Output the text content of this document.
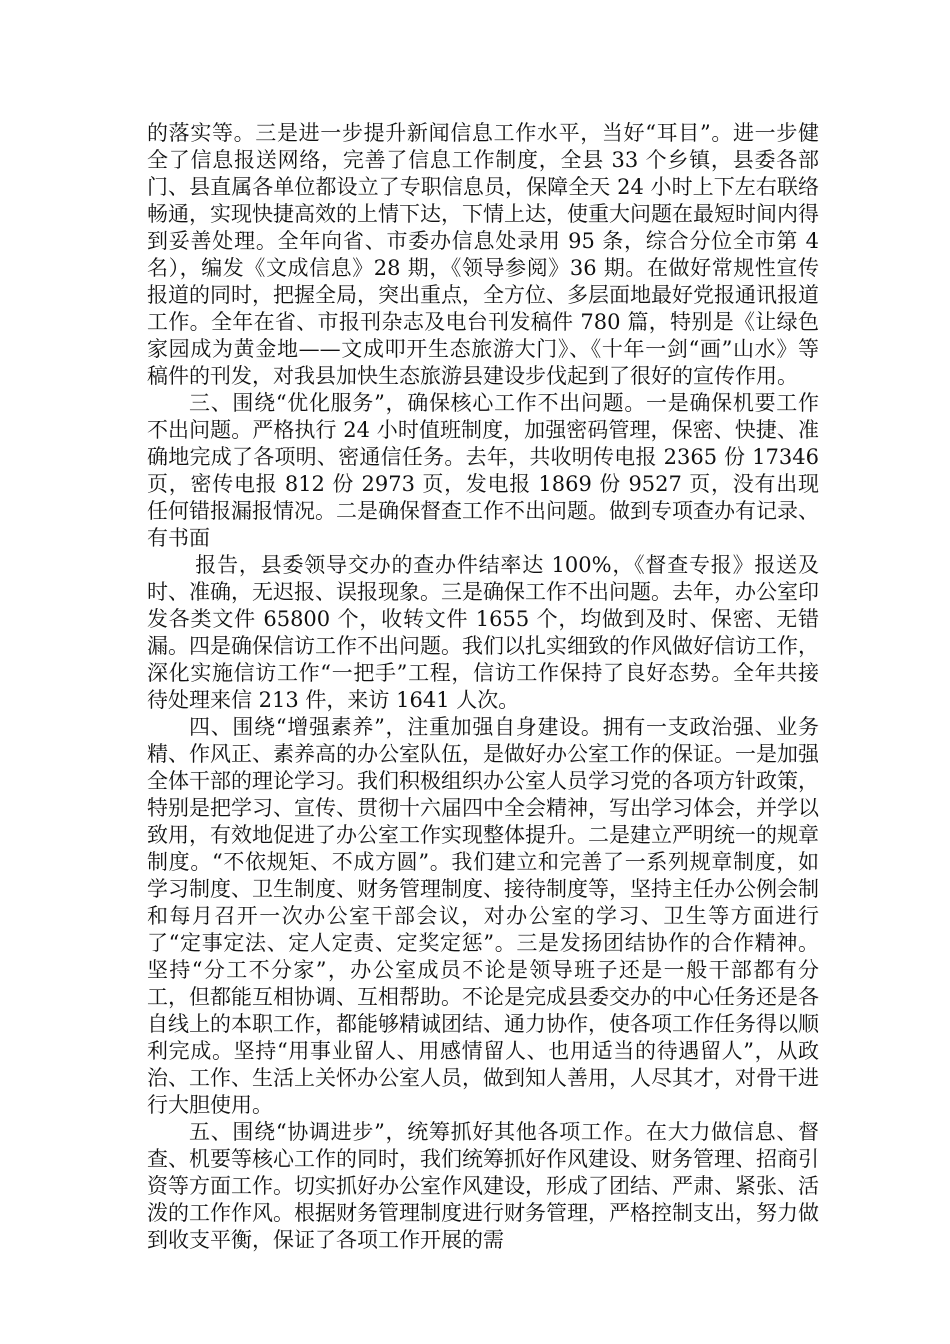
的落实等。三是进一步提升新闻信息工作水平，当好“耳目”。进一步健全了信息报送网络，完善了信息工作制度，全县 33 个乡镇，县委各部门、县直属各单位都设立了专职信息员，保障全天 24 小时上下左右联络畅通，实现快捷高效的上情下达，下情上达，使重大问题在最短时间内得到妥善处理。全年向省、市委办信息处录用 95 条，综合分位全市第 4 名），编发《文成信息》28 期，《领导参阅》36 期。在做好常规性宣传报道的同时，把握全局，突出重点，全方位、多层面地最好党报通讯报道工作。全年在省、市报刊杂志及电台刊发稿件 780 篇，特别是《让绿色家园成为黄金地——文成叩开生态旅游大门》、《十年一剑“画”山水》等稿件的刊发，对我县加快生态旅游县建设步伐起到了很好的宣传作用。

三、围绕“优化服务”，确保核心工作不出问题。一是确保机要工作不出问题。严格执行 24 小时值班制度，加强密码管理，保密、快捷、准确地完成了各项明、密通信任务。去年，共收明传电报 2365 份 17346 页，密传电报 812 份 2973 页，发电报 1869 份 9527 页，没有出现任何错报漏报情况。二是确保督查工作不出问题。做到专项查办有记录、有书面

报告，县委领导交办的查办件结率达 100%，《督查专报》报送及时、准确，无迟报、误报现象。三是确保工作不出问题。去年，办公室印发各类文件 65800 个，收转文件 1655 个，均做到及时、保密、无错漏。四是确保信访工作不出问题。我们以扎实细致的作风做好信访工作，深化实施信访工作“一把手”工程，信访工作保持了良好态势。全年共接待处理来信 213 件，来访 1641 人次。

四、围绕“增强素养”，注重加强自身建设。拥有一支政治强、业务精、作风正、素养高的办公室队伍，是做好办公室工作的保证。一是加强全体干部的理论学习。我们积极组织办公室人员学习党的各项方针政策，特别是把学习、宣传、贯彻十六届四中全会精神，写出学习体会，并学以致用，有效地促进了办公室工作实现整体提升。二是建立严明统一的规章制度。“不依规矩、不成方圆”。我们建立和完善了一系列规章制度，如学习制度、卫生制度、财务管理制度、接待制度等，坚持主任办公例会制和每月召开一次办公室干部会议，对办公室的学习、卫生等方面进行了“定事定法、定人定责、定奖定惩”。三是发扬团结协作的合作精神。坚持“分工不分家”，办公室成员不论是领导班子还是一般干部都有分工，但都能互相协调、互相帮助。不论是完成县委交办的中心任务还是各自线上的本职工作，都能够精诚团结、通力协作，使各项工作任务得以顺利完成。坚持“用事业留人、用感情留人、也用适当的待遇留人”，从政治、工作、生活上关怀办公室人员，做到知人善用，人尽其才，对骨干进行大胆使用。

五、围绕“协调进步”，统筹抓好其他各项工作。在大力做信息、督查、机要等核心工作的同时，我们统筹抓好作风建设、财务管理、招商引资等方面工作。切实抓好办公室作风建设，形成了团结、严肃、紧张、活泼的工作作风。根据财务管理制度进行财务管理，严格控制支出，努力做到收支平衡，保证了各项工作开展的需
